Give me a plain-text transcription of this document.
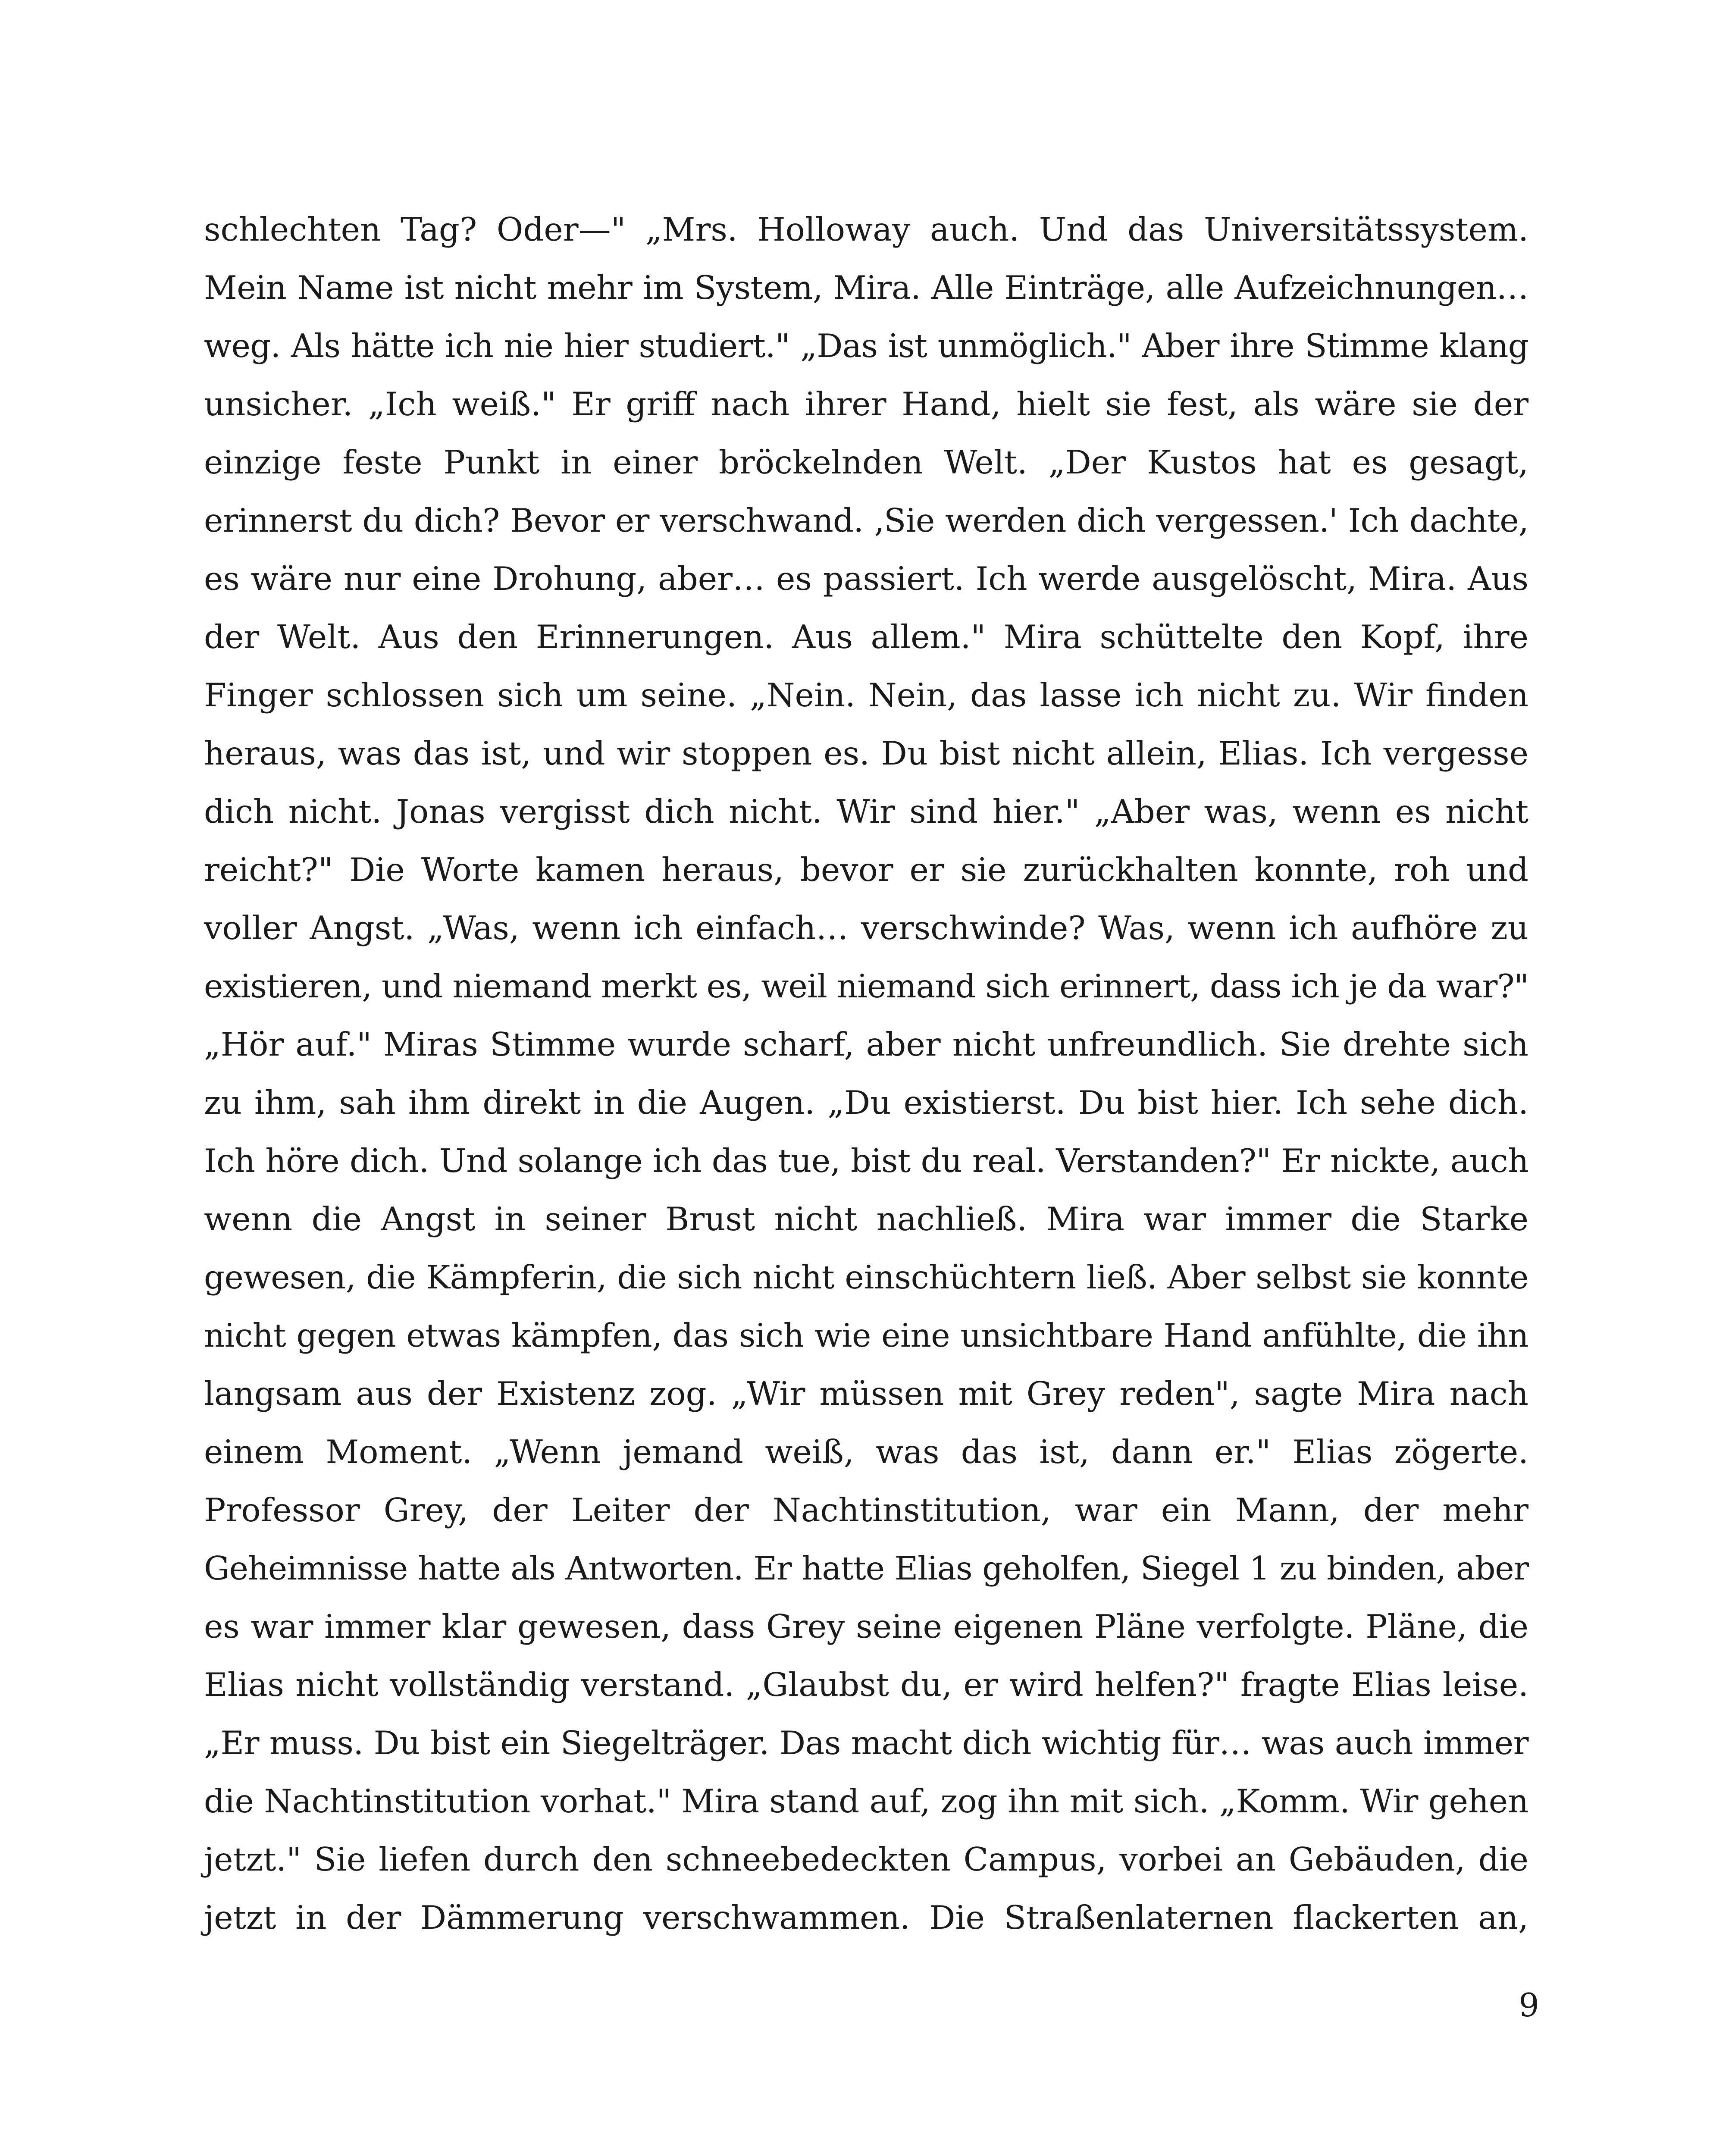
schlechten Tag? Oder—" „Mrs. Holloway auch. Und das Universitätssystem.
Mein Name ist nicht mehr im System, Mira. Alle Einträge, alle Aufzeichnungen…
weg. Als hätte ich nie hier studiert." „Das ist unmöglich." Aber ihre Stimme klang
unsicher. „Ich weiß." Er griff nach ihrer Hand, hielt sie fest, als wäre sie der
einzige feste Punkt in einer bröckelnden Welt. „Der Kustos hat es gesagt,
erinnerst du dich? Bevor er verschwand. ‚Sie werden dich vergessen.' Ich dachte,
es wäre nur eine Drohung, aber… es passiert. Ich werde ausgelöscht, Mira. Aus
der Welt. Aus den Erinnerungen. Aus allem." Mira schüttelte den Kopf, ihre
Finger schlossen sich um seine. „Nein. Nein, das lasse ich nicht zu. Wir finden
heraus, was das ist, und wir stoppen es. Du bist nicht allein, Elias. Ich vergesse
dich nicht. Jonas vergisst dich nicht. Wir sind hier." „Aber was, wenn es nicht
reicht?" Die Worte kamen heraus, bevor er sie zurückhalten konnte, roh und
voller Angst. „Was, wenn ich einfach… verschwinde? Was, wenn ich aufhöre zu
existieren, und niemand merkt es, weil niemand sich erinnert, dass ich je da war?"
„Hör auf." Miras Stimme wurde scharf, aber nicht unfreundlich. Sie drehte sich
zu ihm, sah ihm direkt in die Augen. „Du existierst. Du bist hier. Ich sehe dich.
Ich höre dich. Und solange ich das tue, bist du real. Verstanden?" Er nickte, auch
wenn die Angst in seiner Brust nicht nachließ. Mira war immer die Starke
gewesen, die Kämpferin, die sich nicht einschüchtern ließ. Aber selbst sie konnte
nicht gegen etwas kämpfen, das sich wie eine unsichtbare Hand anfühlte, die ihn
langsam aus der Existenz zog. „Wir müssen mit Grey reden", sagte Mira nach
einem Moment. „Wenn jemand weiß, was das ist, dann er." Elias zögerte.
Professor Grey, der Leiter der Nachtinstitution, war ein Mann, der mehr
Geheimnisse hatte als Antworten. Er hatte Elias geholfen, Siegel 1 zu binden, aber
es war immer klar gewesen, dass Grey seine eigenen Pläne verfolgte. Pläne, die
Elias nicht vollständig verstand. „Glaubst du, er wird helfen?" fragte Elias leise.
„Er muss. Du bist ein Siegelträger. Das macht dich wichtig für… was auch immer
die Nachtinstitution vorhat." Mira stand auf, zog ihn mit sich. „Komm. Wir gehen
jetzt." Sie liefen durch den schneebedeckten Campus, vorbei an Gebäuden, die
jetzt in der Dämmerung verschwammen. Die Straßenlaternen flackerten an,
9
